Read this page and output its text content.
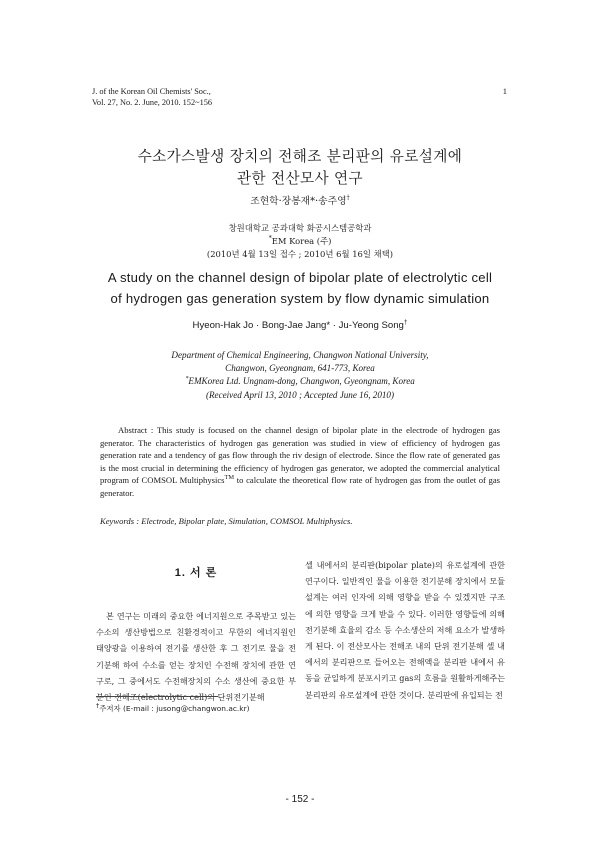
J. of the Korean Oil Chemists' Soc.,
Vol. 27, No. 2. June, 2010. 152~156
1
수소가스발생 장치의 전해조 분리판의 유로설계에
관한 전산모사 연구
조현학·장봉재*·송주영†
창원대학교 공과대학 화공시스템공학과
*EM Korea (주)
(2010년 4월 13일 접수 ; 2010년 6월 16일 채택)
A study on the channel design of bipolar plate of electrolytic cell
of hydrogen gas generation system by flow dynamic simulation
Hyeon-Hak Jo · Bong-Jae Jang* · Ju-Yeong Song†
Department of Chemical Engineering, Changwon National University,
Changwon, Gyeongnam, 641-773, Korea
*EMKorea Ltd. Ungnam-dong, Changwon, Gyeongnam, Korea
(Received April 13, 2010 ; Accepted June 16, 2010)
Abstract : This study is focused on the channel design of bipolar plate in the electrode of hydrogen gas generator. The characteristics of hydrogen gas generation was studied in view of efficiency of hydrogen gas generation rate and a tendency of gas flow through the riv design of electrode. Since the flow rate of generated gas is the most crucial in determining the efficiency of hydrogen gas generator, we adopted the commercial analytical program of COMSOL Multiphysics™ to calculate the theoretical flow rate of hydrogen gas from the outlet of gas generator.
Keywords : Electrode, Bipolar plate, Simulation, COMSOL Multiphysics.
1. 서 론
본 연구는 미래의 중요한 에너지원으로 주목받고 있는 수소의 생산방법으로 친환경적이고 무한의 에너지원인 태양광을 이용하여 전기를 생산한 후 그 전기로 물을 전기분해 하여 수소를 얻는 장치인 수전해 장치에 관한 연구로, 그 중에서도 수전해장치의 수소 생산에 중요한 부분인 전해조(electrolytic cell)의 단위전기분해
셀 내에서의 분리판(bipolar plate)의 유로설계에 관한 연구이다. 일반적인 물을 이용한 전기분해 장치에서 모듈설계는 여러 인자에 의해 영향을 받을 수 있겠지만 구조에 의한 영향을 크게 받을 수 있다. 이러한 영향들에 의해 전기분해 효율의 감소 등 수소생산의 저해 요소가 발생하게 된다. 이 전산모사는 전해조 내의 단위 전기분해 셀 내에서의 분리판으로 들어오는 전해액을 분리판 내에서 유동을 균일하게 분포시키고 gas의 흐름을 원활하게해주는 분리판의 유로설계에 관한 것이다. 분리판에 유입되는 전
†주저자 (E-mail : jusong@changwon.ac.kr)
- 152 -
